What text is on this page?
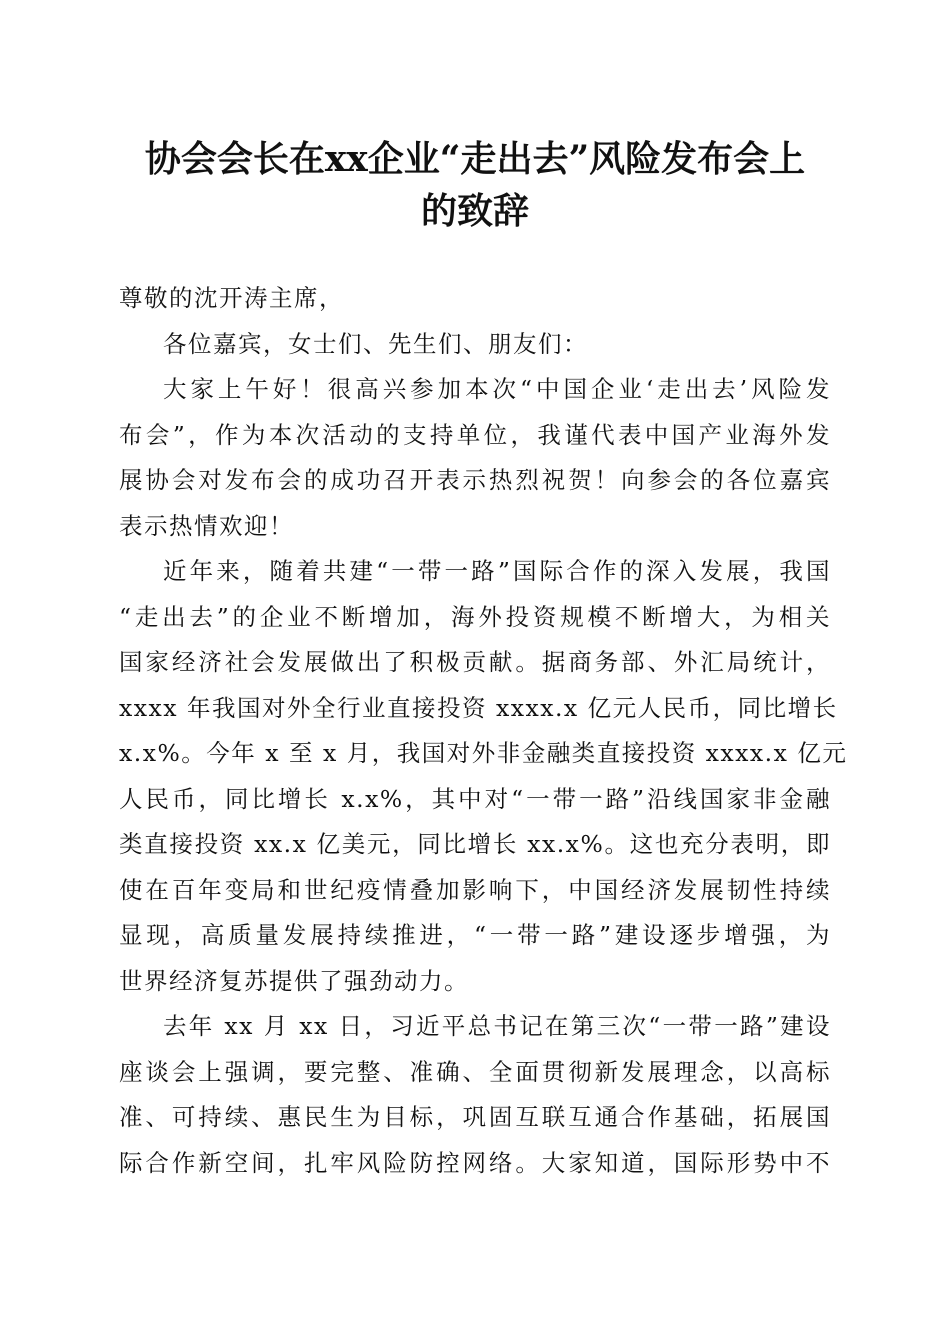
协会会长在xx企业“走出去”风险发布会上
的致辞
尊敬的沈开涛主席，
各位嘉宾，女士们、先生们、朋友们：
大家上午好！很高兴参加本次“中国企业‘走出去’风险发
布会”，作为本次活动的支持单位，我谨代表中国产业海外发
展协会对发布会的成功召开表示热烈祝贺！向参会的各位嘉宾
表示热情欢迎！
近年来，随着共建“一带一路”国际合作的深入发展，我国
“走出去”的企业不断增加，海外投资规模不断增大，为相关
国家经济社会发展做出了积极贡献。据商务部、外汇局统计，
xxxx 年我国对外全行业直接投资 xxxx.x 亿元人民币，同比增长
x.x%。今年 x 至 x 月，我国对外非金融类直接投资 xxxx.x 亿元
人民币，同比增长 x.x%，其中对“一带一路”沿线国家非金融
类直接投资 xx.x 亿美元，同比增长 xx.x%。这也充分表明，即
使在百年变局和世纪疫情叠加影响下，中国经济发展韧性持续
显现，高质量发展持续推进，“一带一路”建设逐步增强，为
世界经济复苏提供了强劲动力。
去年 xx 月 xx 日，习近平总书记在第三次“一带一路”建设
座谈会上强调，要完整、准确、全面贯彻新发展理念，以高标
准、可持续、惠民生为目标，巩固互联互通合作基础，拓展国
际合作新空间，扎牢风险防控网络。大家知道，国际形势中不
